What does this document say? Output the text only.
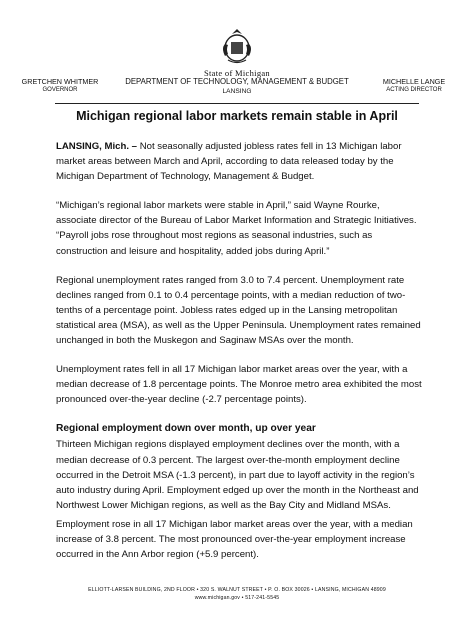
State of Michigan
GRETCHEN WHITMER
GOVERNOR
DEPARTMENT OF TECHNOLOGY, MANAGEMENT & BUDGET
LANSING
MICHELLE LANGE
ACTING DIRECTOR
Michigan regional labor markets remain stable in April

LANSING, Mich. – Not seasonally adjusted jobless rates fell in 13 Michigan labor market areas between March and April, according to data released today by the Michigan Department of Technology, Management & Budget.

“Michigan’s regional labor markets were stable in April,” said Wayne Rourke, associate director of the Bureau of Labor Market Information and Strategic Initiatives. “Payroll jobs rose throughout most regions as seasonal industries, such as construction and leisure and hospitality, added jobs during April.”

Regional unemployment rates ranged from 3.0 to 7.4 percent. Unemployment rate declines ranged from 0.1 to 0.4 percentage points, with a median reduction of two-tenths of a percentage point. Jobless rates edged up in the Lansing metropolitan statistical area (MSA), as well as the Upper Peninsula. Unemployment rates remained unchanged in both the Muskegon and Saginaw MSAs over the month.

Unemployment rates fell in all 17 Michigan labor market areas over the year, with a median decrease of 1.8 percentage points. The Monroe metro area exhibited the most pronounced over-the-year decline (-2.7 percentage points).

Regional employment down over month, up over year

Thirteen Michigan regions displayed employment declines over the month, with a median decrease of 0.3 percent. The largest over-the-month employment decline occurred in the Detroit MSA (-1.3 percent), in part due to layoff activity in the region’s auto industry during April. Employment edged up over the month in the Northeast and Northwest Lower Michigan regions, as well as the Bay City and Midland MSAs.

Employment rose in all 17 Michigan labor market areas over the year, with a median increase of 3.8 percent. The most pronounced over-the-year employment increase occurred in the Ann Arbor region (+5.9 percent).

ELLIOTT-LARSEN BUILDING, 2ND FLOOR • 320 S. WALNUT STREET • P. O. BOX 30026 • LANSING, MICHIGAN 48909
www.michigan.gov • 517-241-5545
